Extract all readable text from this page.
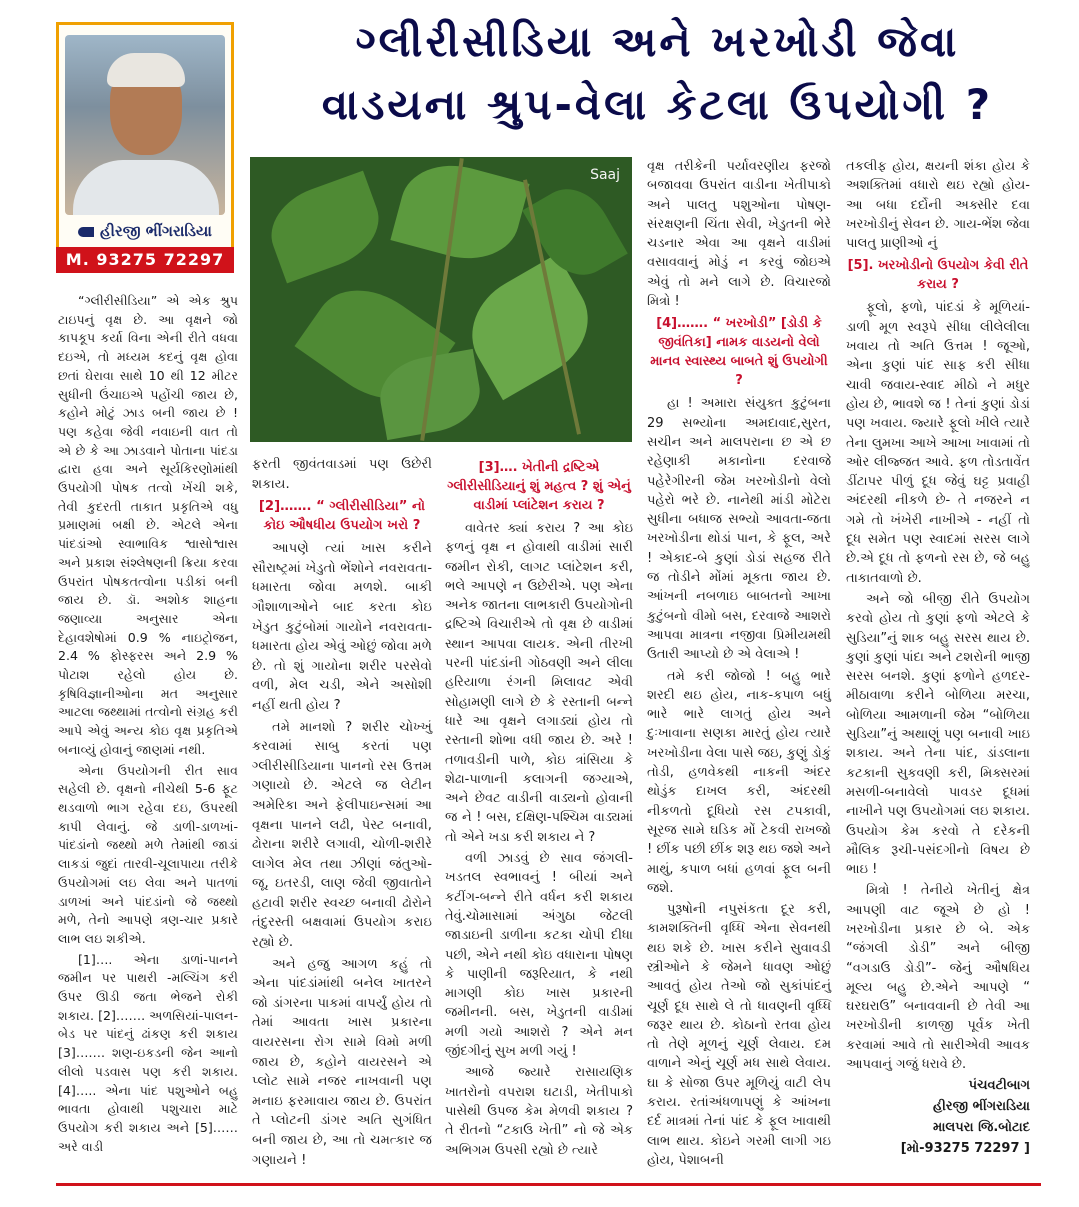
ગ્લીરીસીડિયા અને ખરખોડી જેવા
વાડયના શ્રુપ-વેલા કેટલા ઉપયોગી ?
હીરજી ભીંગરાડિયા
M. 93275 72297
Saaj

“ગ્લીરીસીડિયા” એ એક શ્રુપ ટાઇપનું વૃક્ષ છે. આ વૃક્ષને જો કાપકૂપ કર્યા વિના એની રીતે વધવા દઇએ, તો મધ્યમ કદનું વૃક્ષ હોવા છતાં ઘેરાવા સાથે 10 થી 12 મીટર સુધીની ઉંચાઇએ પહોંચી જાય છે, કહોને મોટું ઝાડ બની જાય છે ! પણ કહેવા જેવી નવાઇની વાત તો એ છે કે આ ઝાડવાને પોતાના પાંદડા દ્વારા હવા અને સૂર્યકિરણોમાંથી ઉપયોગી પોષક તત્વો ખેંચી શકે, તેવી કુદરતી તાકાત પ્રકૃતિએ વધુ પ્રમાણમાં બક્ષી છે. એટલે એના પાંદડાંઓ સ્વાભાવિક શ્વાસોશ્વાસ અને પ્રકાશ સંશ્લેષણની ક્રિયા કરવા ઉપરાંત પોષકતત્વોના પડીકાં બની જાય છે. ડૉ. અશોક શાહના જણાવ્યા અનુસાર એના દેહાવશેષોમાં 0.9 % નાઇટ્રોજન, 2.4 % ફોસ્ફરસ અને 2.9 % પોટાશ રહેલો હોય છે. કૃષિવિજ્ઞાનીઓના મત અનુસાર આટલા જથ્થામાં તત્વોનો સંગ્રહ કરી આપે એવું અન્ય કોઇ વૃક્ષ પ્રકૃતિએ બનાવ્યું હોવાનું જાણમાં નથી.

એના ઉપયોગની રીત સાવ સહેલી છે. વૃક્ષનો નીચેથી 5-6 ફૂટ થડવાળો ભાગ રહેવા દઇ, ઉપરથી કાપી લેવાનું. જે ડાળી-ડાળખાં-પાંદડાંનો જથ્થો મળે તેમાંથી જાડાં લાકડાં જુદાં તારવી-ચૂલાપાયા તરીકે ઉપયોગમાં લઇ લેવા અને પાતળાં ડાળખાં અને પાંદડાંનો જે જથ્થો મળે, તેનો આપણે ત્રણ-ચાર પ્રકારે લાભ લઇ શકીએ.

[1]…. એના ડાળાં-પાનને જમીન પર પાથરી -મલ્ચિંગ કરી ઉપર ઊડી જતા ભેજને રોકી શકાય. [2]……. અળસિયાં-પાલન-બેડ પર પાંદનું ઢાંકણ કરી શકાય [3]……. શણ-ઇકડની જેન આનો લીલો પડવાસ પણ કરી શકાય. [4]….. એના પાંદ પશુઓને બહુ ભાવતા હોવાથી પશુચારા માટે ઉપયોગ કરી શકાય અને [5]…… અરે વાડી

ફરતી જીવંતવાડમાં પણ ઉછેરી શકાય.

[2]……. “ ગ્લીરીસીડિયા” નો કોઇ ઔષધીય ઉપયોગ ખરો ?

આપણે ત્યાં ખાસ કરીને સૌરાષ્ટ્રમાં ખેડુતો ભેંશોને નવરાવતા-ધમારતા જોવા મળશે. બાકી ગૌશાળાઓને બાદ કરતા કોઇ ખેડુત કુટુંબોમાં ગાયોને નવરાવતા-ધમારતા હોય એવું ઓછું જોવા મળે છે. તો શું ગાયોના શરીર પરસેવો વળી, મેલ ચડી, એને અસોશી નહીં થતી હોય ?

તમે માનશો ? શરીર ચોખ્ખું કરવામાં સાબુ કરતાં પણ ગ્લીરીસીડિયાના પાનનો રસ ઉત્તમ ગણાયો છે. એટલે જ લેટીન અમેરિકા અને ફેલીપાઇન્સમાં આ વૃક્ષના પાનને લઢી, પેસ્ટ બનાવી, ઢોરાના શરીરે લગાવી, ચોળી-શરીરે લાગેલ મેલ તથા ઝીણાં જંતુઓ-જૂ, ઇતરડી, લાણ જેવી જીવાતોને હટાવી શરીર સ્વચ્છ બનાવી ઢોરોને તંદુરસ્તી બક્ષવામાં ઉપયોગ કરાઇ રહ્યો છે.

અને હજુ આગળ કહું તો એના પાંદડાંમાંથી બનેલ ખાતરને જો ડાંગરના પાકમાં વાપર્યું હોય તો તેમાં આવતા ખાસ પ્રકારના વાયરસના રોગ સામે વિમો મળી જાય છે, કહોને વાયરસને એ પ્લોટ સામે નજર નાખવાની પણ મનાઇ ફરમાવાય જાય છે. ઉપરાંત તે પ્લોટની ડાંગર અતિ સુગંધિત બની જાય છે, આ તો ચમત્કાર જ ગણાયને !

[3]…. ખેતીની દ્રષ્ટિએ ગ્લીરીસીડિયાનું શું મહત્વ ? શું એનું વાડીમાં પ્લાંટેશન કરાય ?

વાવેતર ક્યાં કરાય ? આ કોઇ ફળનું વૃક્ષ ન હોવાથી વાડીમાં સારી જમીન રોકી, લાગટ પ્લાંટેશન કરી, ભલે આપણે ન ઉછેરીએ. પણ એના અનેક જાતના લાભકારી ઉપયોગોની દ્રષ્ટિએ વિચારીએ તો વૃક્ષ છે વાડીમાં સ્થાન આપવા લાયક. એની તીરખી પરની પાંદડાંની ગોઠવણી અને લીલા હરિયાળા રંગની મિલાવટ એવી સોહામણી લાગે છે કે રસ્તાની બન્ને ધારે આ વૃક્ષને લગાડ્યાં હોય તો રસ્તાની શોભા વધી જાય છે. અરે ! તળાવડીની પાળે, કોઇ ત્રાંસિયા કે શેઢા-પાળાની કલાગની જગ્યાએ, અને છેવટ વાડીની વાડ્યનો હોવાની જ ને ! બસ, દક્ષિણ-પશ્ચિમ વાડ્યમાં તો એને ખડા કરી શકાય ને ?

વળી ઝાડવું છે સાવ જંગલી-ખડતલ સ્વભાવનું ! બીયાં અને કટીંગ-બન્ને રીતે વર્ધન કરી શકાય તેવું.ચોમાસામાં અંગુઠા જેટલી જાડાઇની ડાળીના કટકા ચોપી દીધા પછી, એને નથી કોઇ વધારાના પોષણ કે પાણીની જરૂરિયાત, કે નથી માગણી કોઇ ખાસ પ્રકારની જમીનની. બસ, ખેડુતની વાડીમાં મળી ગયો આશરો ? એને મન જીંદગીનું સુખ મળી ગયું !

આજે જ્યારે રાસાયણિક ખાતરોનો વપરાશ ઘટાડી, ખેતીપાકો પાસેથી ઉપજ કેમ મેળવી શકાય ? તે રીતનો “ટકાઉ ખેતી” નો જે એક અભિગમ ઉપસી રહ્યો છે ત્યારે

વૃક્ષ તરીકેની પર્યાવરણીય ફરજો બજાવવા ઉપરાંત વાડીના ખેતીપાકો અને પાલતુ પશુઓના પોષણ-સંરક્ષણની ચિંતા સેવી, ખેડુતની ભેરે ચડનાર એવા આ વૃક્ષને વાડીમાં વસાવવાનું મોડું ન કરવું જોઇએ એવું તો મને લાગે છે. વિચારજો મિત્રો !

[4]……. “ ખરખોડી” [ડોડી કે જીવંતિકા] નામક વાડયનો વેલો માનવ સ્વાસ્થ્ય બાબતે શું ઉપયોગી ?

હા ! અમારા સંયુક્ત કુટુંબના 29 સભ્યોના અમદાવાદ,સુરત, સચીન અને માલપરાના છ એ છ રહેણાકી મકાનોના દરવાજે પહેરેગીરની જેમ ખરખોડીનો વેલો પહેરો ભરે છે. નાનેથી માંડી મોટેરા સુધીના બધાજ સભ્યો આવતા-જતા ખરખોડીના થોડાં પાન, કે ફૂલ, અરે ! એકાદ-બે કુણાં ડોડાં સહજ રીતે જ તોડીને મોંમાં મૂકતા જાય છે. આંખની નબળાઇ બાબતનો આખા કુટુંબનો વીમો બસ, દરવાજે આશરો આપવા માત્રના નજીવા પ્રિમીયમથી ઉતારી આપ્યો છે એ વેલાએ !

તમે કરી જોજો ! બહુ ભારે શરદી થઇ હોય, નાક-કપાળ બધું ભારે ભારે લાગતું હોય અને દુઃખાવાના સણકા મારતું હોય ત્યારે ખરખોડીના વેલા પાસે જઇ, કુણું ડોકું તોડી, હળવેકથી નાકની અંદર થોડુંક દાખલ કરી, અંદરથી નીકળતો દૂધિયો રસ ટપકાવી, સૂરજ સામે ઘડિક મોં ટેકવી રાખજો ! છીંક પછી છીંક શરૂ થઇ જશે અને માથું, કપાળ બધાં હળવાં ફૂલ બની જશે.

પુરૂષોની નપુસંકતા દૂર કરી, કામશક્તિની વૃધ્ધિ એના સેવનથી થઇ શકે છે. ખાસ કરીને સુવાવડી સ્ત્રીઓને કે જેમને ધાવણ ઓછું આવતું હોય તેઓ જો સુકાંપાંદનું ચૂર્ણ દૂધ સાથે લે તો ધાવણની વૃધ્ધિ જરૂર થાય છે. કોઠાનો રતવા હોય તો તેણે મૂળનું ચૂર્ણ લેવાય. દમ વાળાને એનું ચૂર્ણ મધ સાથે લેવાય. ઘા કે સોજા ઉપર મૂળિયું વાટી લેપ કરાય. રતાંઅંધળાપણું કે આંખના દર્દ માત્રમાં તેનાં પાંદ કે ફૂલ ખાવાથી લાભ થાય. કોઇને ગરમી લાગી ગઇ હોય, પેશાબની

તકલીફ હોય, ક્ષયની શંકા હોય કે અશક્તિમાં વધારો થઇ રહ્યો હોય-આ બધા દર્દોની અક્સીર દવા ખરખોડીનું સેવન છે. ગાય-ભેંશ જેવા પાલતુ પ્રાણીઓ નું

[5]. ખરખોડીનો ઉપયોગ કેવી રીતે કરાય ?

ફૂલો, ફળો, પાંદડાં કે મૂળિયાં-ડાળી મૂળ સ્વરૂપે સીધા લીલેલીલા ખવાય તો અતિ ઉત્તમ ! જૂઓ, એના કુણાં પાંદ સાફ કરી સીધા ચાવી જવાય-સ્વાદ મીઠો ને મધુર હોય છે, ભાવશે જ ! તેનાં કુણાં ડોડાં પણ ખવાય. જ્યારે ફૂલો ખીલે ત્યારે તેના લુમખા આખે આખા ખાવામાં તો ઓર લીજ્જત આવે. ફળ તોડતાવેંત ડીંટાપર પીળું દૂધ જેવું ઘટ્ટ પ્રવાહી અંદરથી નીકળે છે- તે નજરને ન ગમે તો ખંખેરી નાખીએ - નહીં તો દૂધ સમેત પણ સ્વાદમાં સરસ લાગે છે.એ દૂધ તો ફળનો રસ છે, જે બહુ તાકાતવાળો છે.

અને જો બીજી રીતે ઉપયોગ કરવો હોય તો કુણાં ફળો એટલે કે સુડિયા”નું શાક બહુ સરસ થાય છે. કુણાં કુણાં પાંદા અને ટશરોની ભાજી સરસ બનશે. કુણાં ફળોને હળદર-મીઠાવાળા કરીને બોળિયા મરચા, બોળિયા આમળાની જેમ “બોળિયા સુડિયા”નું અથાણું પણ બનાવી ખાઇ શકાય. અને તેના પાંદ, ડાંડલાના કટકાની સુકવણી કરી, મિક્સરમાં મસળી-બનાવેલો પાવડર દૂધમાં નાખીને પણ ઉપયોગમાં લઇ શકાય. ઉપયોગ કેમ કરવો તે દરેકની મૌલિક રૂચી-પસંદગીનો વિષય છે ભાઇ !

મિત્રો ! તેનીયે ખેતીનું ક્ષેત્ર આપણી વાટ જૂએ છે હો ! ખરખોડીના પ્રકાર છે બે. એક “જંગલી ડોડી” અને બીજી “વગડાઉ ડોડી”- જેનું ઔષધિય મૂલ્ય બહુ છે.એને આપણે “ ઘરઘરાઉ” બનાવવાની છે તેવી આ ખરખોડીની કાળજી પૂર્વક ખેતી કરવામાં આવે તો સારીએવી આવક આપવાનું ગજું ધરાવે છે.

પંચવટીબાગ

હીરજી ભીંગરાડિયા

માલપરા જિ.બોટાદ

[મો-93275 72297 ]
